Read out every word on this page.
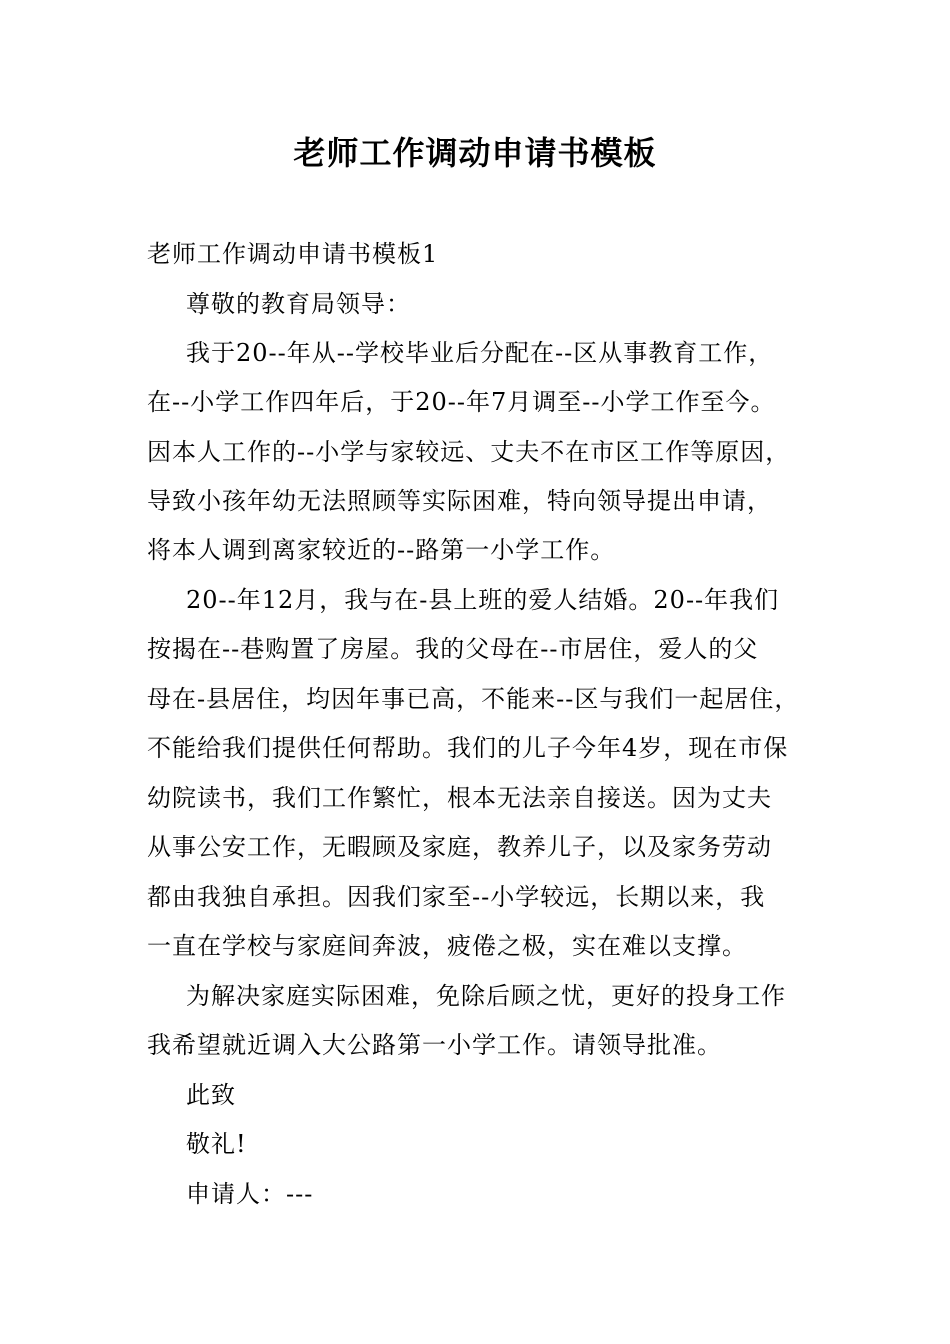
老师工作调动申请书模板
老师工作调动申请书模板1
尊敬的教育局领导：
我于20--年从--学校毕业后分配在--区从事教育工作，
在--小学工作四年后，于20--年7月调至--小学工作至今。
因本人工作的--小学与家较远、丈夫不在市区工作等原因，
导致小孩年幼无法照顾等实际困难，特向领导提出申请，
将本人调到离家较近的--路第一小学工作。
20--年12月，我与在-县上班的爱人结婚。20--年我们
按揭在--巷购置了房屋。我的父母在--市居住，爱人的父
母在-县居住，均因年事已高，不能来--区与我们一起居住，
不能给我们提供任何帮助。我们的儿子今年4岁，现在市保
幼院读书，我们工作繁忙，根本无法亲自接送。因为丈夫
从事公安工作，无暇顾及家庭，教养儿子，以及家务劳动
都由我独自承担。因我们家至--小学较远，长期以来，我
一直在学校与家庭间奔波，疲倦之极，实在难以支撑。
为解决家庭实际困难，免除后顾之忧，更好的投身工作
我希望就近调入大公路第一小学工作。请领导批准。
此致
敬礼!
申请人：---
